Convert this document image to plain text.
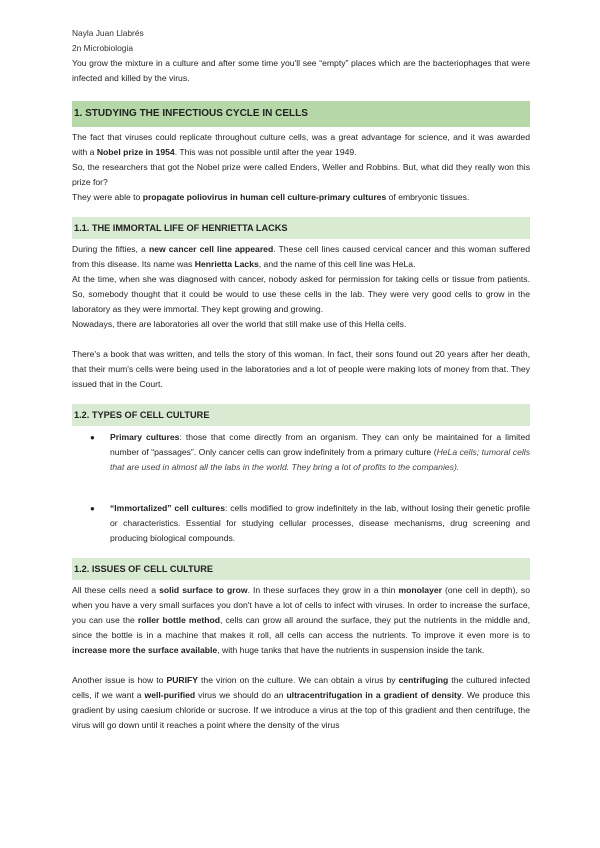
Nayla Juan Llabrés
2n Microbiologia

You grow the mixture in a culture and after some time you'll see “empty” places which are the bacteriophages that were infected and killed by the virus.

1. STUDYING THE INFECTIOUS CYCLE IN CELLS

The fact that viruses could replicate throughout culture cells, was a great advantage for science, and it was awarded with a Nobel prize in 1954. This was not possible until after the year 1949.

So, the researchers that got the Nobel prize were called Enders, Weller and Robbins. But, what did they really won this prize for?

They were able to propagate poliovirus in human cell culture-primary cultures of embryonic tissues.

1.1. THE IMMORTAL LIFE OF HENRIETTA LACKS

During the fifties, a new cancer cell line appeared. These cell lines caused cervical cancer and this woman suffered from this disease. Its name was Henrietta Lacks, and the name of this cell line was HeLa.

At the time, when she was diagnosed with cancer, nobody asked for permission for taking cells or tissue from patients. So, somebody thought that it could be would to use these cells in the lab. They were very good cells to grow in the laboratory as they were immortal. They kept growing and growing.

Nowadays, there are laboratories all over the world that still make use of this Hella cells.

There's a book that was written, and tells the story of this woman. In fact, their sons found out 20 years after her death, that their mum's cells were being used in the laboratories and a lot of people were making lots of money from that. They issued that in the Court.

1.2. TYPES OF CELL CULTURE
● Primary cultures: those that come directly from an organism. They can only be maintained for a limited number of “passages”. Only cancer cells can grow indefinitely from a primary culture (HeLa cells; tumoral cells that are used in almost all the labs in the world. They bring a lot of profits to the companies).
● “Immortalized” cell cultures: cells modified to grow indefinitely in the lab, without losing their genetic profile or characteristics. Essential for studying cellular processes, disease mechanisms, drug screening and producing biological compounds.
1.2. ISSUES OF CELL CULTURE

All these cells need a solid surface to grow. In these surfaces they grow in a thin monolayer (one cell in depth), so when you have a very small surfaces you don't have a lot of cells to infect with viruses. In order to increase the surface, you can use the roller bottle method, cells can grow all around the surface, they put the nutrients in the middle and, since the bottle is in a machine that makes it roll, all cells can access the nutrients. To improve it even more is to increase more the surface available, with huge tanks that have the nutrients in suspension inside the tank.

Another issue is how to PURIFY the virion on the culture. We can obtain a virus by centrifuging the cultured infected cells, if we want a well-purified virus we should do an ultracentrifugation in a gradient of density. We produce this gradient by using caesium chloride or sucrose. If we introduce a virus at the top of this gradient and then centrifuge, the virus will go down until it reaches a point where the density of the virus
